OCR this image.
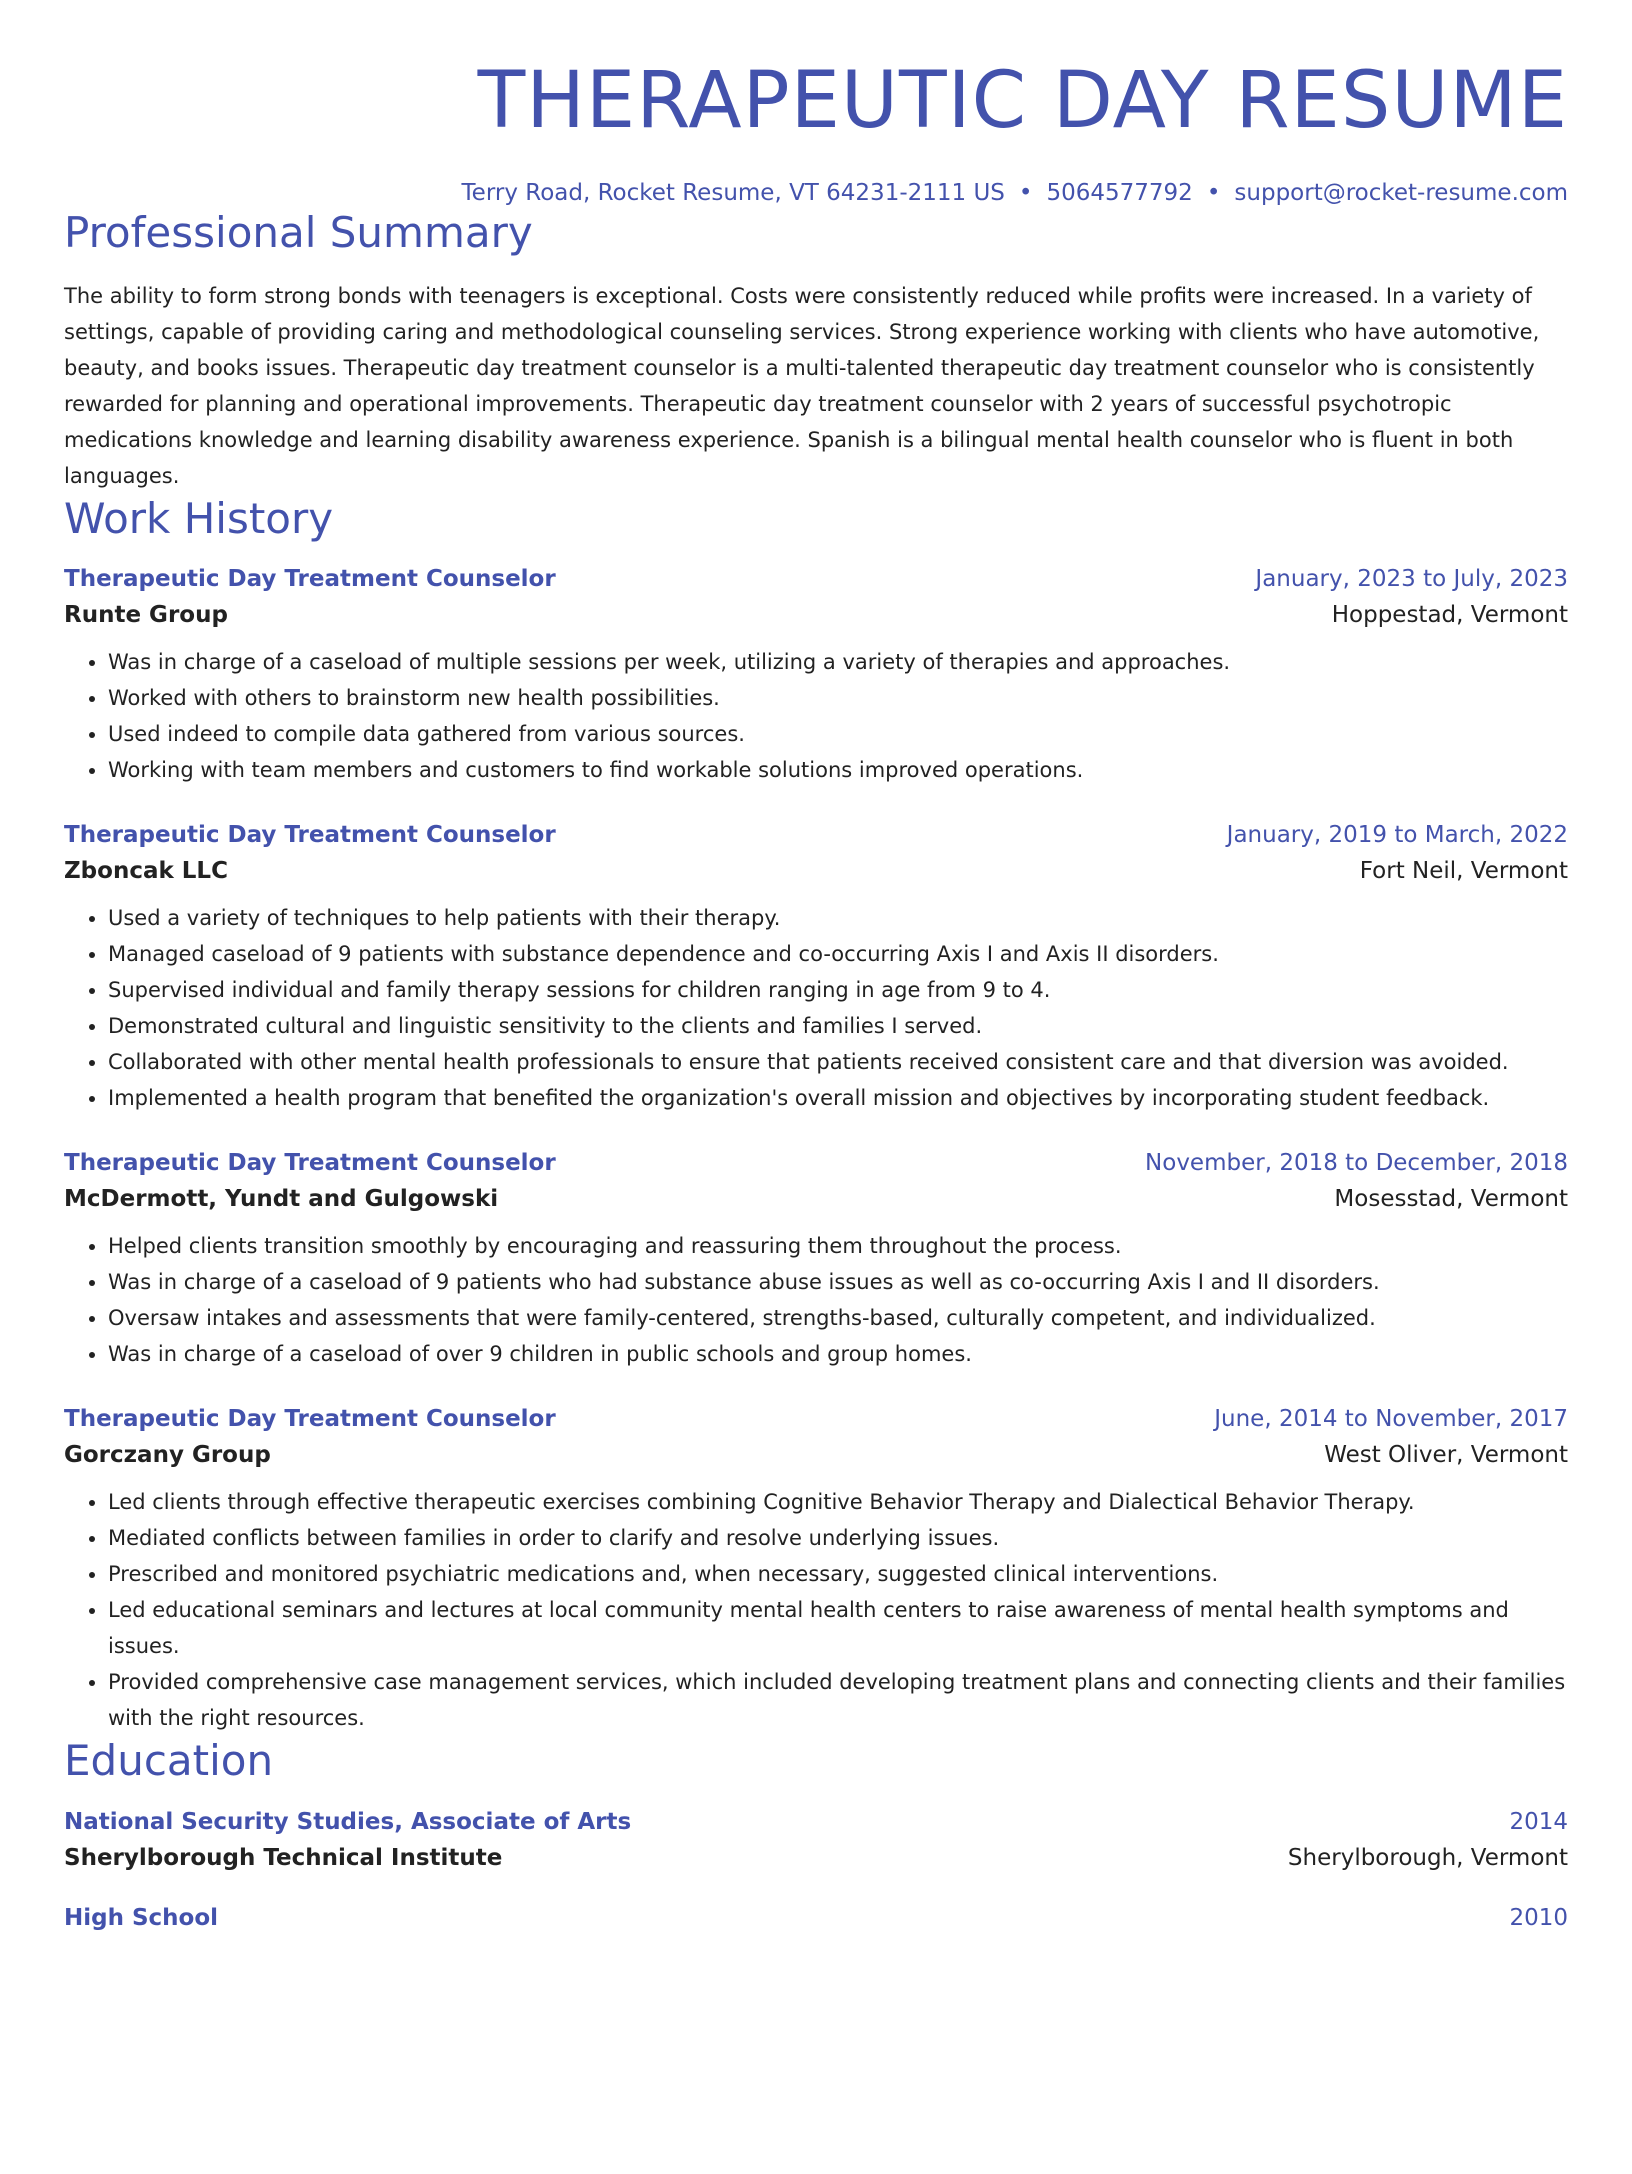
THERAPEUTIC DAY RESUME
Terry Road, Rocket Resume, VT 64231-2111 US • 5064577792 • support@rocket-resume.com
Professional Summary
The ability to form strong bonds with teenagers is exceptional. Costs were consistently reduced while profits were increased. In a variety of settings, capable of providing caring and methodological counseling services. Strong experience working with clients who have automotive, beauty, and books issues. Therapeutic day treatment counselor is a multi-talented therapeutic day treatment counselor who is consistently rewarded for planning and operational improvements. Therapeutic day treatment counselor with 2 years of successful psychotropic medications knowledge and learning disability awareness experience. Spanish is a bilingual mental health counselor who is fluent in both languages.
Work History
Therapeutic Day Treatment Counselor	January, 2023 to July, 2023
Runte Group	Hoppestad, Vermont
• Was in charge of a caseload of multiple sessions per week, utilizing a variety of therapies and approaches.
• Worked with others to brainstorm new health possibilities.
• Used indeed to compile data gathered from various sources.
• Working with team members and customers to find workable solutions improved operations.
Therapeutic Day Treatment Counselor	January, 2019 to March, 2022
Zboncak LLC	Fort Neil, Vermont
• Used a variety of techniques to help patients with their therapy.
• Managed caseload of 9 patients with substance dependence and co-occurring Axis I and Axis II disorders.
• Supervised individual and family therapy sessions for children ranging in age from 9 to 4.
• Demonstrated cultural and linguistic sensitivity to the clients and families I served.
• Collaborated with other mental health professionals to ensure that patients received consistent care and that diversion was avoided.
• Implemented a health program that benefited the organization's overall mission and objectives by incorporating student feedback.
Therapeutic Day Treatment Counselor	November, 2018 to December, 2018
McDermott, Yundt and Gulgowski	Mosesstad, Vermont
• Helped clients transition smoothly by encouraging and reassuring them throughout the process.
• Was in charge of a caseload of 9 patients who had substance abuse issues as well as co-occurring Axis I and II disorders.
• Oversaw intakes and assessments that were family-centered, strengths-based, culturally competent, and individualized.
• Was in charge of a caseload of over 9 children in public schools and group homes.
Therapeutic Day Treatment Counselor	June, 2014 to November, 2017
Gorczany Group	West Oliver, Vermont
• Led clients through effective therapeutic exercises combining Cognitive Behavior Therapy and Dialectical Behavior Therapy.
• Mediated conflicts between families in order to clarify and resolve underlying issues.
• Prescribed and monitored psychiatric medications and, when necessary, suggested clinical interventions.
• Led educational seminars and lectures at local community mental health centers to raise awareness of mental health symptoms and issues.
• Provided comprehensive case management services, which included developing treatment plans and connecting clients and their families with the right resources.
Education
National Security Studies, Associate of Arts	2014
Sherylborough Technical Institute	Sherylborough, Vermont
High School	2010
